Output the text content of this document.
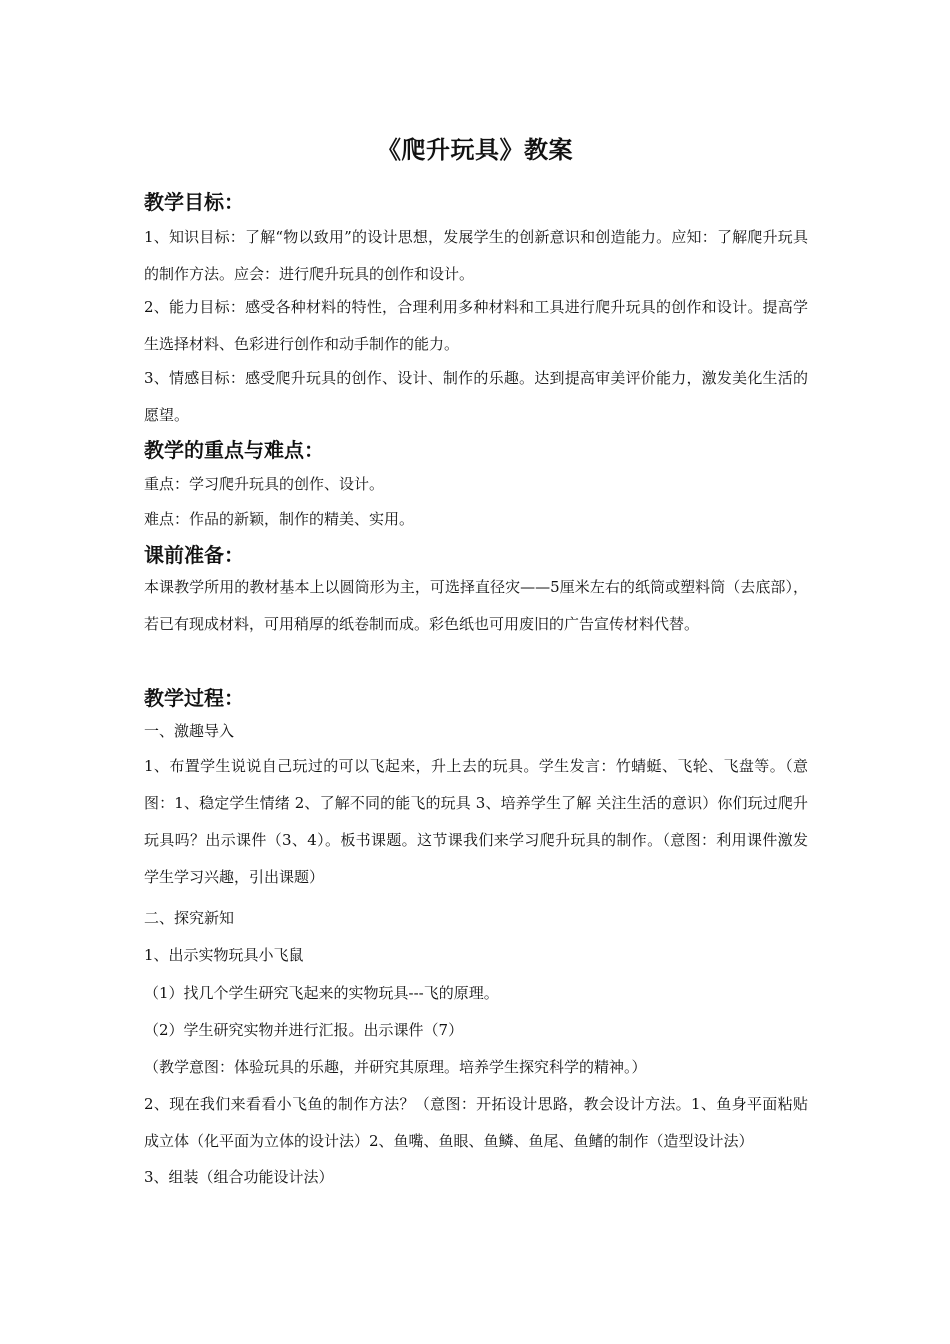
《爬升玩具》教案
教学目标：
1、知识目标：了解“物以致用”的设计思想，发展学生的创新意识和创造能力。应知：了解爬升玩具的制作方法。应会：进行爬升玩具的创作和设计。
2、能力目标：感受各种材料的特性，合理利用多种材料和工具进行爬升玩具的创作和设计。提高学生选择材料、色彩进行创作和动手制作的能力。
3、情感目标：感受爬升玩具的创作、设计、制作的乐趣。达到提高审美评价能力，激发美化生活的愿望。
教学的重点与难点：
重点：学习爬升玩具的创作、设计。
难点：作品的新颖，制作的精美、实用。
课前准备：
本课教学所用的教材基本上以圆筒形为主，可选择直径灾——5厘米左右的纸筒或塑料筒（去底部），若已有现成材料，可用稍厚的纸卷制而成。彩色纸也可用废旧的广告宣传材料代替。
教学过程：
一、激趣导入
1、布置学生说说自己玩过的可以飞起来，升上去的玩具。学生发言：竹蜻蜓、飞轮、飞盘等。（意图：1、稳定学生情绪 2、了解不同的能飞的玩具 3、培养学生了解 关注生活的意识）你们玩过爬升玩具吗？出示课件（3、4）。板书课题。这节课我们来学习爬升玩具的制作。（意图：利用课件激发学生学习兴趣，引出课题）
二、探究新知
1、出示实物玩具小飞鼠
（1）找几个学生研究飞起来的实物玩具---飞的原理。
（2）学生研究实物并进行汇报。出示课件（7）
（教学意图：体验玩具的乐趣，并研究其原理。培养学生探究科学的精神。）
2、现在我们来看看小飞鱼的制作方法？（意图：开拓设计思路，教会设计方法。1、鱼身平面粘贴成立体（化平面为立体的设计法）2、鱼嘴、鱼眼、鱼鳞、鱼尾、鱼鳍的制作（造型设计法）
3、组装（组合功能设计法）
